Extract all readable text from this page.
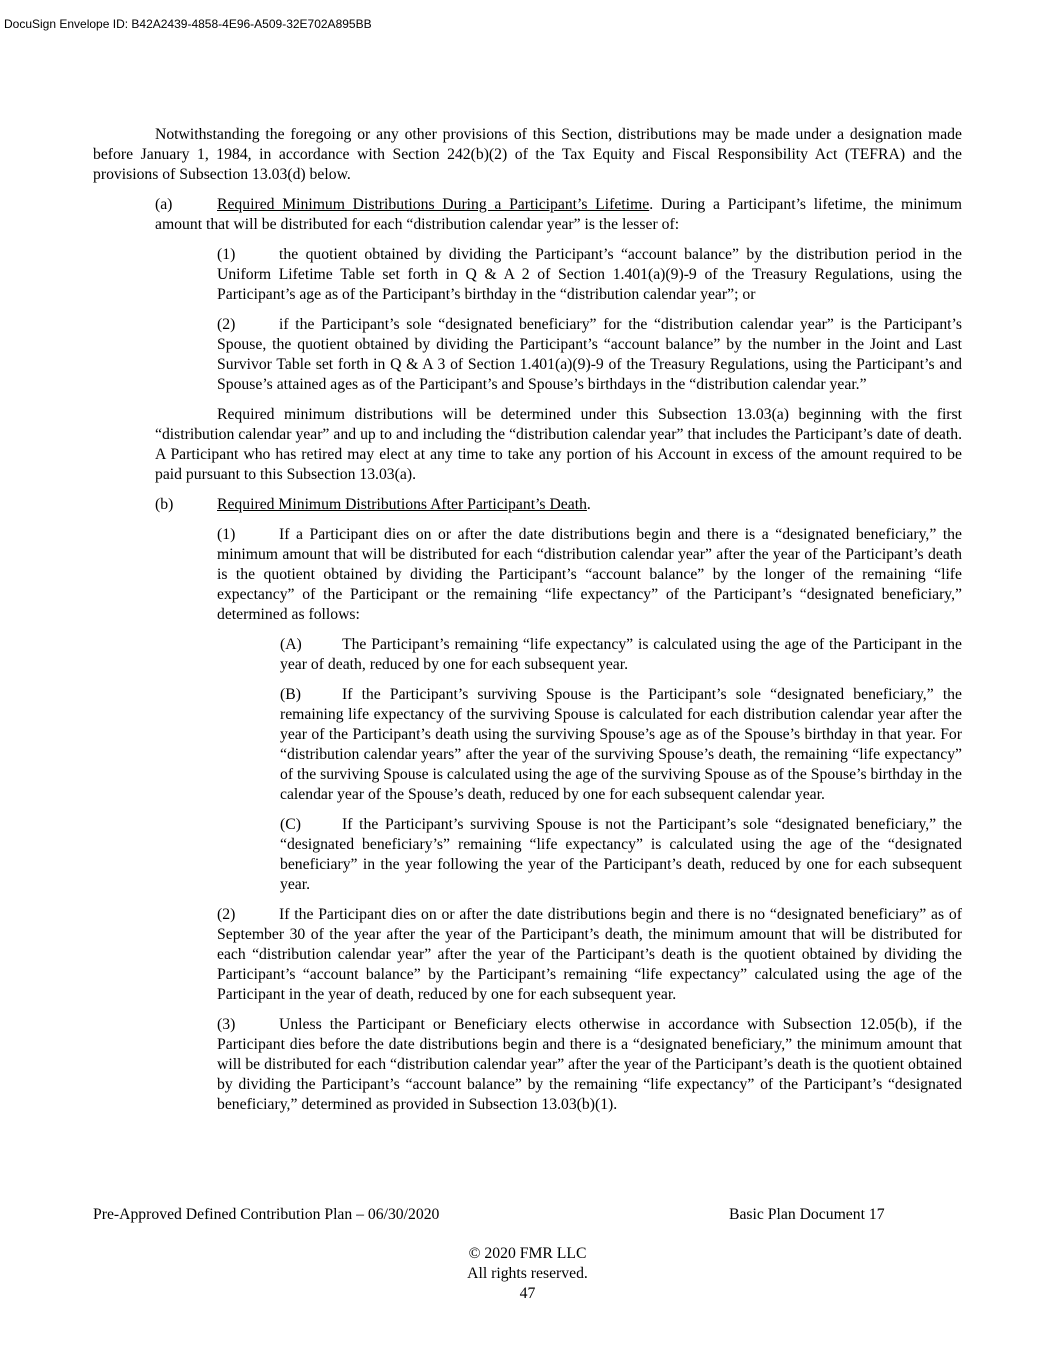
DocuSign Envelope ID: B42A2439-4858-4E96-A509-32E702A895BB

Notwithstanding the foregoing or any other provisions of this Section, distributions may be made under a designation made before January 1, 1984, in accordance with Section 242(b)(2) of the Tax Equity and Fiscal Responsibility Act (TEFRA) and the provisions of Subsection 13.03(d) below.

(a)	Required Minimum Distributions During a Participant’s Lifetime. During a Participant’s lifetime, the minimum amount that will be distributed for each “distribution calendar year” is the lesser of:

(1)	the quotient obtained by dividing the Participant’s “account balance” by the distribution period in the Uniform Lifetime Table set forth in Q & A 2 of Section 1.401(a)(9)-9 of the Treasury Regulations, using the Participant’s age as of the Participant’s birthday in the “distribution calendar year”; or

(2)	if the Participant’s sole “designated beneficiary” for the “distribution calendar year” is the Participant’s Spouse, the quotient obtained by dividing the Participant’s “account balance” by the number in the Joint and Last Survivor Table set forth in Q & A 3 of Section 1.401(a)(9)-9 of the Treasury Regulations, using the Participant’s and Spouse’s attained ages as of the Participant’s and Spouse’s birthdays in the “distribution calendar year.”

Required minimum distributions will be determined under this Subsection 13.03(a) beginning with the first “distribution calendar year” and up to and including the “distribution calendar year” that includes the Participant’s date of death. A Participant who has retired may elect at any time to take any portion of his Account in excess of the amount required to be paid pursuant to this Subsection 13.03(a).

(b)	Required Minimum Distributions After Participant’s Death.

(1)	If a Participant dies on or after the date distributions begin and there is a “designated beneficiary,” the minimum amount that will be distributed for each “distribution calendar year” after the year of the Participant’s death is the quotient obtained by dividing the Participant’s “account balance” by the longer of the remaining “life expectancy” of the Participant or the remaining “life expectancy” of the Participant’s “designated beneficiary,” determined as follows:

(A)	The Participant’s remaining “life expectancy” is calculated using the age of the Participant in the year of death, reduced by one for each subsequent year.

(B)	If the Participant’s surviving Spouse is the Participant’s sole “designated beneficiary,” the remaining life expectancy of the surviving Spouse is calculated for each distribution calendar year after the year of the Participant’s death using the surviving Spouse’s age as of the Spouse’s birthday in that year. For “distribution calendar years” after the year of the surviving Spouse’s death, the remaining “life expectancy” of the surviving Spouse is calculated using the age of the surviving Spouse as of the Spouse’s birthday in the calendar year of the Spouse’s death, reduced by one for each subsequent calendar year.

(C)	If the Participant’s surviving Spouse is not the Participant’s sole “designated beneficiary,” the “designated beneficiary’s” remaining “life expectancy” is calculated using the age of the “designated beneficiary” in the year following the year of the Participant’s death, reduced by one for each subsequent year.

(2)	If the Participant dies on or after the date distributions begin and there is no “designated beneficiary” as of September 30 of the year after the year of the Participant’s death, the minimum amount that will be distributed for each “distribution calendar year” after the year of the Participant’s death is the quotient obtained by dividing the Participant’s “account balance” by the Participant’s remaining “life expectancy” calculated using the age of the Participant in the year of death, reduced by one for each subsequent year.

(3)	Unless the Participant or Beneficiary elects otherwise in accordance with Subsection 12.05(b), if the Participant dies before the date distributions begin and there is a “designated beneficiary,” the minimum amount that will be distributed for each “distribution calendar year” after the year of the Participant’s death is the quotient obtained by dividing the Participant’s “account balance” by the remaining “life expectancy” of the Participant’s “designated beneficiary,” determined as provided in Subsection 13.03(b)(1).

Pre-Approved Defined Contribution Plan – 06/30/2020	Basic Plan Document 17
© 2020 FMR LLC
All rights reserved.
47
